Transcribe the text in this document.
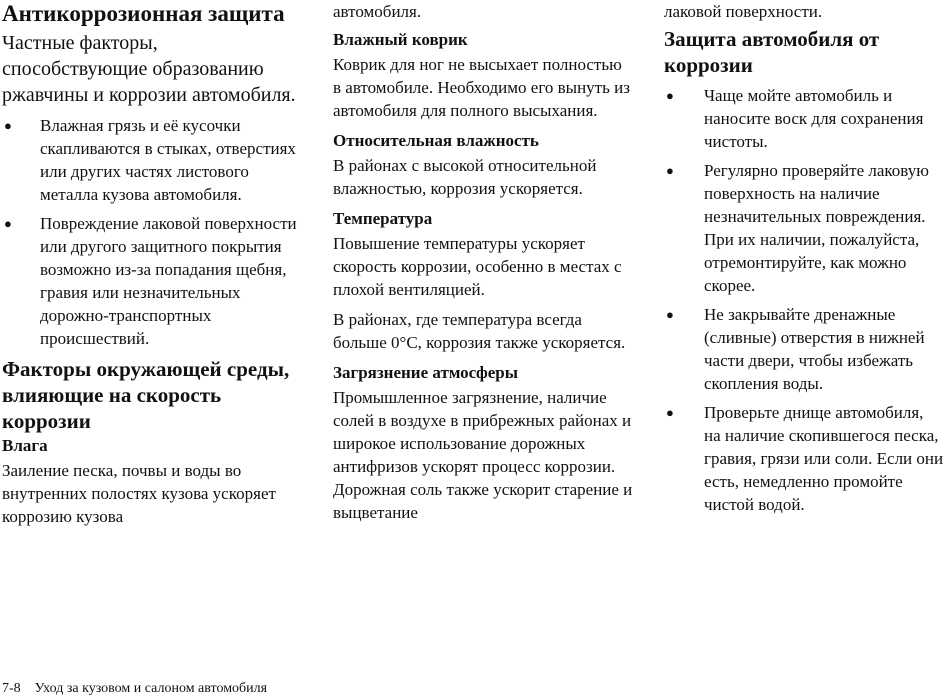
Антикоррозионная защита
Частные факторы, способствующие образованию ржавчины и коррозии автомобиля.
● Влажная грязь и её кусочки скапливаются в стыках, отверстиях или других частях листового металла кузова автомобиля.
● Повреждение лаковой поверхности или другого защитного покрытия возможно из-за попадания щебня, гравия или незначительных дорожно-транспортных происшествий.
Факторы окружающей среды, влияющие на скорость коррозии
Влага

Заиление песка, почвы и воды во внутренних полостях кузова ускоряет коррозию кузова

автомобиля.

Влажный коврик

Коврик для ног не высыхает полностью в автомобиле. Необходимо его вынуть из автомобиля для полного высыхания.

Относительная влажность

В районах с высокой относительной влажностью, коррозия ускоряется.

Температура

Повышение температуры ускоряет скорость коррозии, особенно в местах с плохой вентиляцией.

В районах, где температура всегда больше 0°C, коррозия также ускоряется.

Загрязнение атмосферы

Промышленное загрязнение, наличие солей в воздухе в прибрежных районах и широкое использование дорожных антифризов ускорят процесс коррозии. Дорожная соль также ускорит старение и выцветание

лаковой поверхности.

Защита автомобиля от коррозии
● Чаще мойте автомобиль и наносите воск для сохранения чистоты.
● Регулярно проверяйте лаковую поверхность на наличие незначительных повреждения. При их наличии, пожалуйста, отремонтируйте, как можно скорее.
● Не закрывайте дренажные (сливные) отверстия в нижней части двери, чтобы избежать скопления воды.
● Проверьте днище автомобиля, на наличие скопившегося песка, гравия, грязи или соли. Если они есть, немедленно промойте чистой водой.
7-8 Уход за кузовом и салоном автомобиля
